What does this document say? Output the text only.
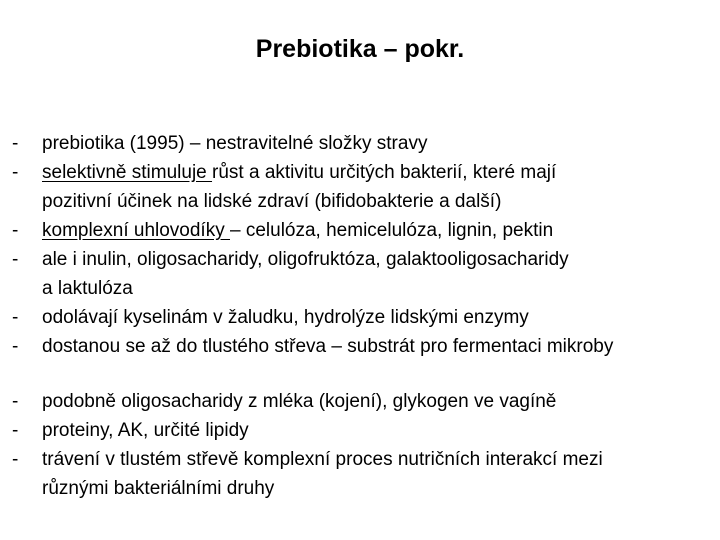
Prebiotika – pokr.
-	prebiotika (1995) – nestravitelné složky stravy
-	selektivně stimuluje růst a aktivitu určitých bakterií, které mají
pozitivní účinek na lidské zdraví (bifidobakterie a další)
-	komplexní uhlovodíky – celulóza, hemicelulóza, lignin, pektin
-	ale i inulin, oligosacharidy, oligofruktóza, galaktooligosacharidy
a laktulóza
-	odolávají kyselinám v žaludku, hydrolýze lidskými enzymy
-	dostanou se až do tlustého střeva – substrát pro fermentaci mikroby
-	podobně oligosacharidy z mléka (kojení), glykogen ve vagíně
-	proteiny, AK, určité lipidy
-	trávení v tlustém střevě komplexní proces nutričních interakcí mezi
různými bakteriálními druhy
